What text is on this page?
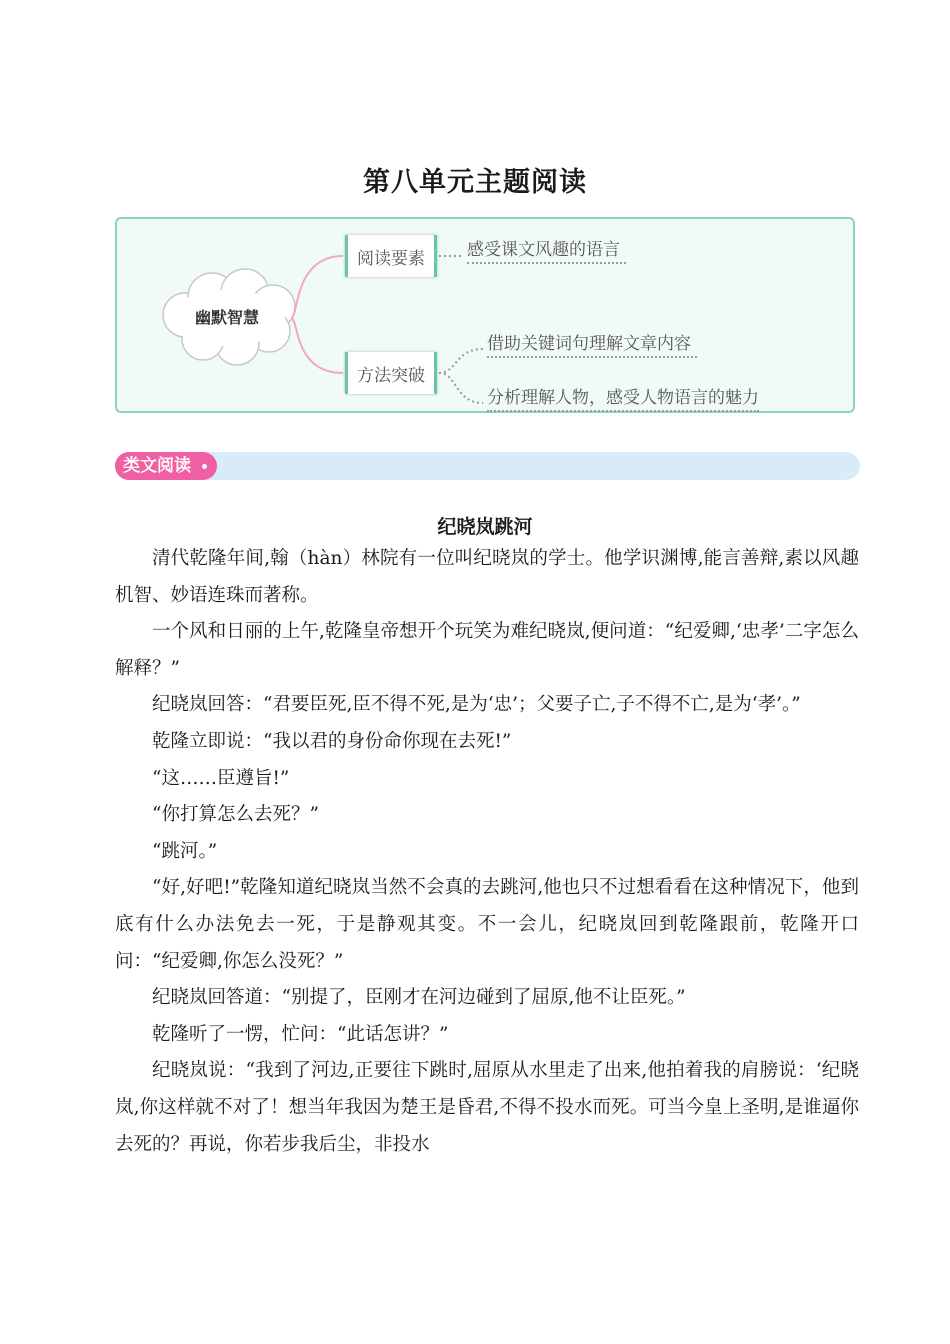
第八单元主题阅读
幽默智慧
阅读要素
方法突破
感受课文风趣的语言
借助关键词句理解文章内容
分析理解人物，感受人物语言的魅力
类文阅读
纪晓岚跳河

清代乾隆年间,翰（hàn）林院有一位叫纪晓岚的学士。他学识渊博,能言善辩,素以风趣机智、妙语连珠而著称。

一个风和日丽的上午,乾隆皇帝想开个玩笑为难纪晓岚,便问道：“纪爱卿,‘忠孝’二字怎么解释？”

纪晓岚回答：“君要臣死,臣不得不死,是为‘忠’；父要子亡,子不得不亡,是为‘孝’。”

乾隆立即说：“我以君的身份命你现在去死!”

“这……臣遵旨!”

“你打算怎么去死？”

“跳河。”

“好,好吧!”乾隆知道纪晓岚当然不会真的去跳河,他也只不过想看看在这种情况下，他到底有什么办法免去一死，于是静观其变。不一会儿，纪晓岚回到乾隆跟前，乾隆开口问：“纪爱卿,你怎么没死？”

纪晓岚回答道：“别提了，臣刚才在河边碰到了屈原,他不让臣死。”

乾隆听了一愣，忙问：“此话怎讲？”

纪晓岚说：“我到了河边,正要往下跳时,屈原从水里走了出来,他拍着我的肩膀说：‘纪晓岚,你这样就不对了！想当年我因为楚王是昏君,不得不投水而死。可当今皇上圣明,是谁逼你去死的？再说，你若步我后尘，非投水
